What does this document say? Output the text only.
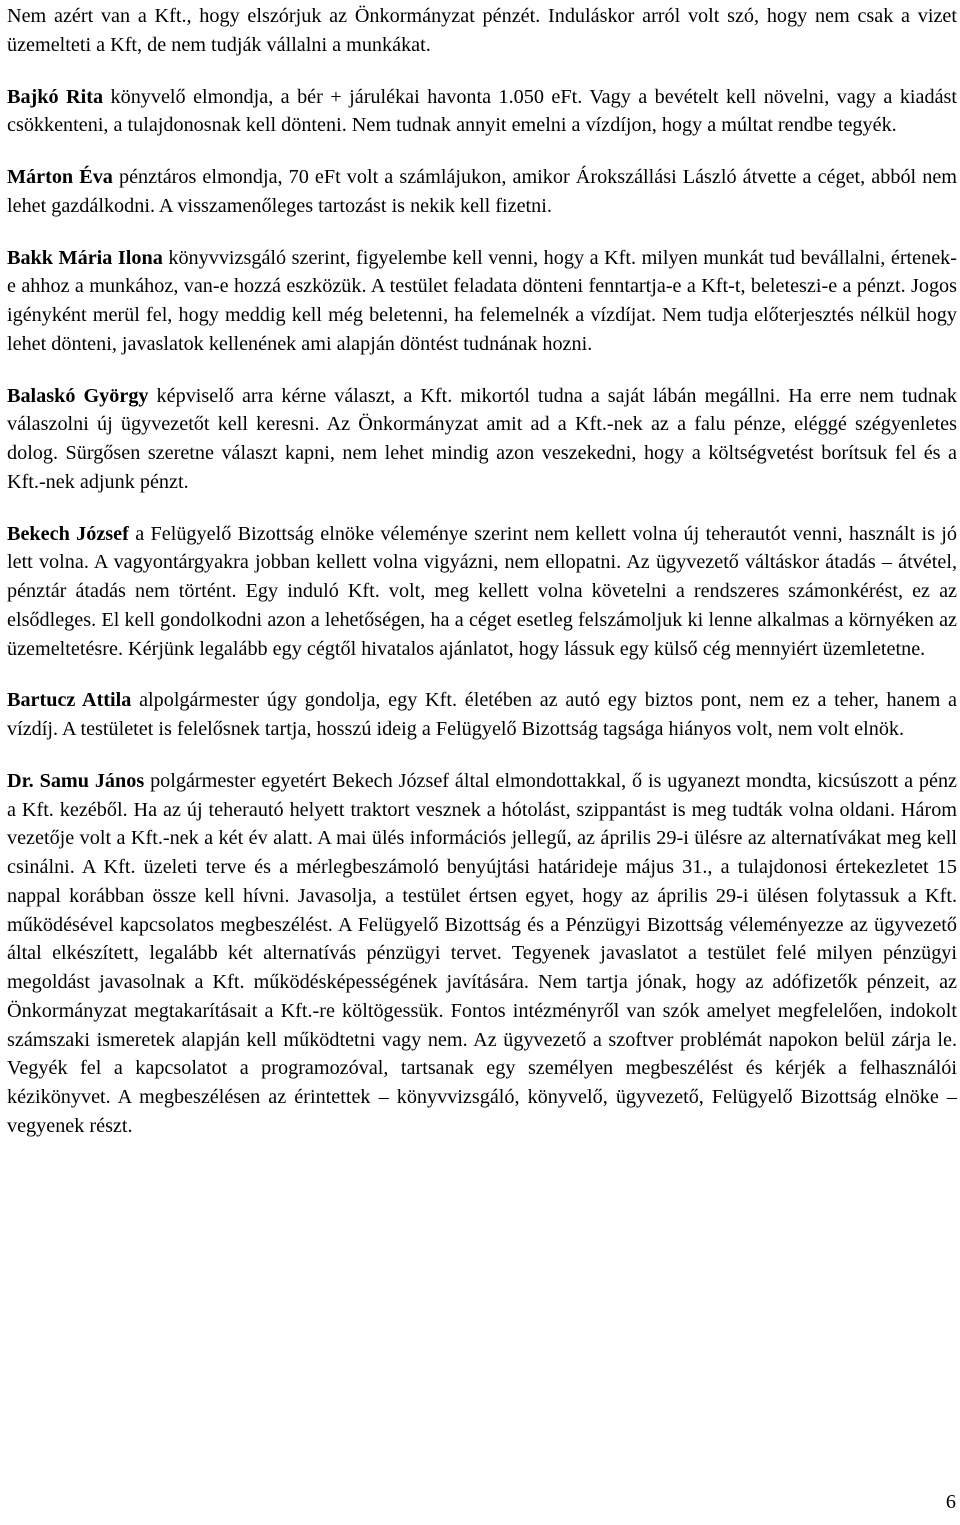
Nem azért van a Kft., hogy elszórjuk az Önkormányzat pénzét. Induláskor arról volt szó, hogy nem csak a vizet üzemelteti a Kft, de nem tudják vállalni a munkákat.

Bajkó Rita könyvelő elmondja, a bér + járulékai havonta 1.050 eFt. Vagy a bevételt kell növelni, vagy a kiadást csökkenteni, a tulajdonosnak kell dönteni. Nem tudnak annyit emelni a vízdíjon, hogy a múltat rendbe tegyék.

Márton Éva pénztáros elmondja, 70 eFt volt a számlájukon, amikor Árokszállási László átvette a céget, abból nem lehet gazdálkodni. A visszamenőleges tartozást is nekik kell fizetni.

Bakk Mária Ilona könyvvizsgáló szerint, figyelembe kell venni, hogy a Kft. milyen munkát tud bevállalni, értenek-e ahhoz a munkához, van-e hozzá eszközük. A testület feladata dönteni fenntartja-e a Kft-t, beleteszi-e a pénzt. Jogos igényként merül fel, hogy meddig kell még beletenni, ha felemelnék a vízdíjat. Nem tudja előterjesztés nélkül hogy lehet dönteni, javaslatok kellenének ami alapján döntést tudnának hozni.

Balaskó György képviselő arra kérne választ, a Kft. mikortól tudna a saját lábán megállni. Ha erre nem tudnak válaszolni új ügyvezetőt kell keresni. Az Önkormányzat amit ad a Kft.-nek az a falu pénze, eléggé szégyenletes dolog. Sürgősen szeretne választ kapni, nem lehet mindig azon veszekedni, hogy a költségvetést borítsuk fel és a Kft.-nek adjunk pénzt.

Bekech József a Felügyelő Bizottság elnöke véleménye szerint nem kellett volna új teherautót venni, használt is jó lett volna. A vagyontárgyakra jobban kellett volna vigyázni, nem ellopatni. Az ügyvezető váltáskor átadás – átvétel, pénztár átadás nem történt. Egy induló Kft. volt, meg kellett volna követelni a rendszeres számonkérést, ez az elsődleges. El kell gondolkodni azon a lehetőségen, ha a céget esetleg felszámoljuk ki lenne alkalmas a környéken az üzemeltetésre. Kérjünk legalább egy cégtől hivatalos ajánlatot, hogy lássuk egy külső cég mennyiért üzemletetne.

Bartucz Attila alpolgármester úgy gondolja, egy Kft. életében az autó egy biztos pont, nem ez a teher, hanem a vízdíj. A testületet is felelősnek tartja, hosszú ideig a Felügyelő Bizottság tagsága hiányos volt, nem volt elnök.

Dr. Samu János polgármester egyetért Bekech József által elmondottakkal, ő is ugyanezt mondta, kicsúszott a pénz a Kft. kezéből. Ha az új teherautó helyett traktort vesznek a hótolást, szippantást is meg tudták volna oldani. Három vezetője volt a Kft.-nek a két év alatt. A mai ülés információs jellegű, az április 29-i ülésre az alternatívákat meg kell csinálni. A Kft. üzeleti terve és a mérlegbeszámoló benyújtási határideje május 31., a tulajdonosi értekezletet 15 nappal korábban össze kell hívni. Javasolja, a testület értsen egyet, hogy az április 29-i ülésen folytassuk a Kft. működésével kapcsolatos megbeszélést. A Felügyelő Bizottság és a Pénzügyi Bizottság véleményezze az ügyvezető által elkészített, legalább két alternatívás pénzügyi tervet. Tegyenek javaslatot a testület felé milyen pénzügyi megoldást javasolnak a Kft. működésképességének javítására. Nem tartja jónak, hogy az adófizetők pénzeit, az Önkormányzat megtakarításait a Kft.-re költögessük. Fontos intézményről van szók amelyet megfelelően, indokolt számszaki ismeretek alapján kell működtetni vagy nem. Az ügyvezető a szoftver problémát napokon belül zárja le. Vegyék fel a kapcsolatot a programozóval, tartsanak egy személyen megbeszélést és kérjék a felhasználói kézikönyvet. A megbeszélésen az érintettek – könyvvizsgáló, könyvelő, ügyvezető, Felügyelő Bizottság elnöke – vegyenek részt.

6
